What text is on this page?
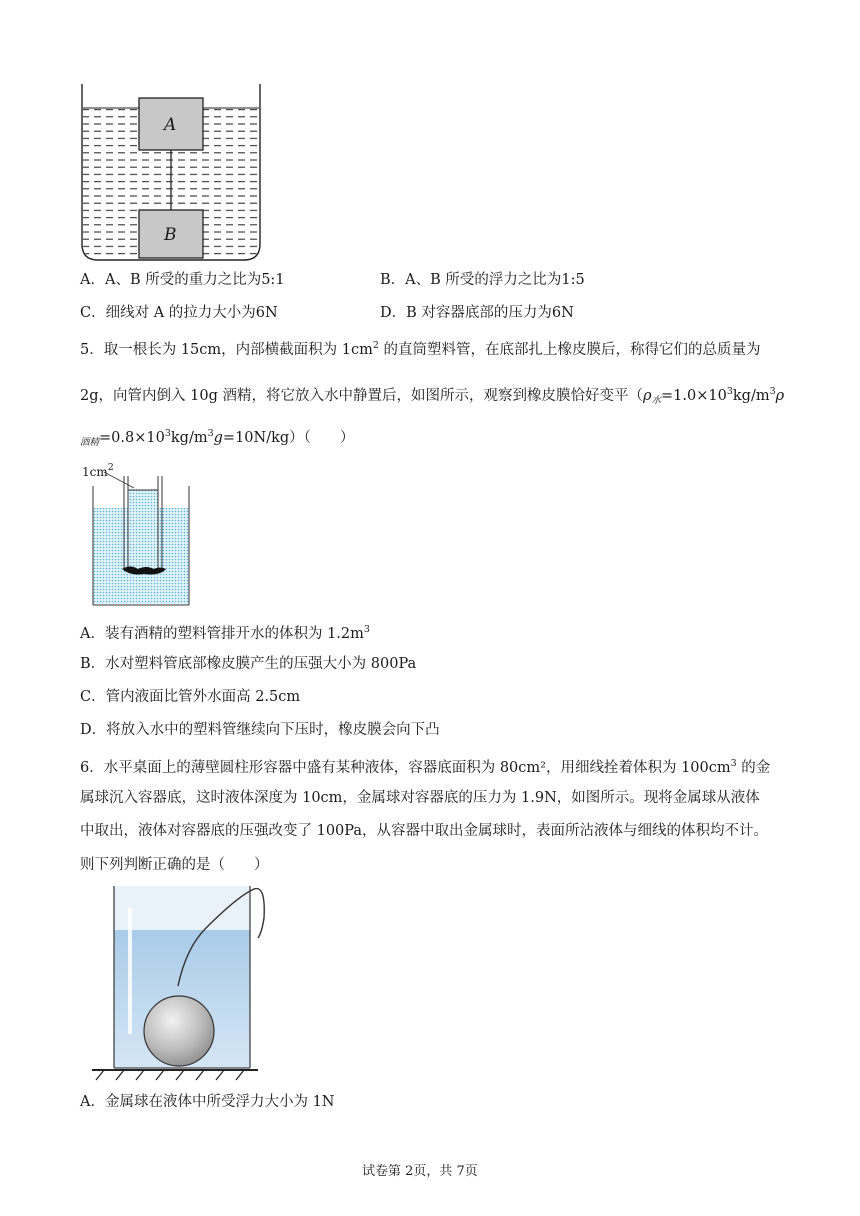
A
B
A．A、B 所受的重力之比为5:1	B．A、B 所受的浮力之比为1:5
C．细线对 A 的拉力大小为6N	D．B 对容器底部的压力为6N
5．取一根长为 15cm，内部横截面积为 $1cm^2$ 的直筒塑料管，在底部扎上橡皮膜后，称得它们的总质量为
2g，向管内倒入 10g 酒精，将它放入水中静置后，如图所示，观察到橡皮膜恰好变平（$\rho_水=1.0\times 10^3kg/m^3\rho$
$_{酒精}=0.8\times 10^3kg/m^3g=10N/kg$）（　　）
$1cm^2$
A．装有酒精的塑料管排开水的体积为 $1.2m^3$
B．水对塑料管底部橡皮膜产生的压强大小为 800Pa
C．管内液面比管外水面高 2.5cm
D．将放入水中的塑料管继续向下压时，橡皮膜会向下凸
6．水平桌面上的薄壁圆柱形容器中盛有某种液体，容器底面积为 80cm²，用细线拴着体积为 $100cm^3$ 的金
属球沉入容器底，这时液体深度为 10cm，金属球对容器底的压力为 1.9N，如图所示。现将金属球从液体
中取出，液体对容器底的压强改变了 100Pa，从容器中取出金属球时，表面所沾液体与细线的体积均不计。
则下列判断正确的是（　　）
A．金属球在液体中所受浮力大小为 1N
试卷第 2页，共 7页
